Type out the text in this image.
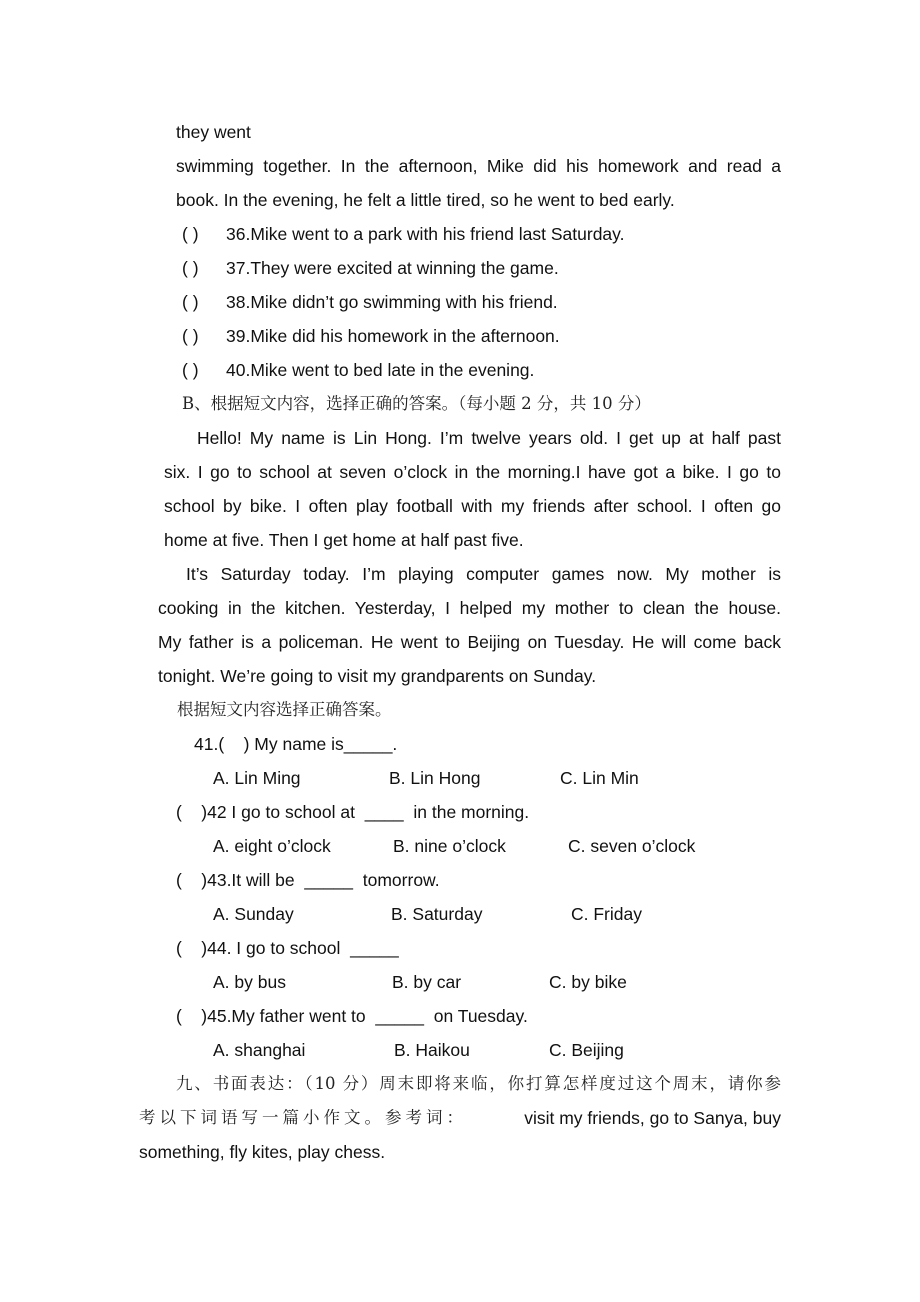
they went
swimming together. In the afternoon, Mike did his homework and read a
book. In the evening, he felt a little tired, so he went to bed early.
( ) 36.Mike went to a park with his friend last Saturday.
( ) 37.They were excited at winning the game.
( ) 38.Mike didn’t go swimming with his friend.
( ) 39.Mike did his homework in the afternoon.
( ) 40.Mike went to bed late in the evening.
B、根据短文内容，选择正确的答案。（每小题 2 分，共 10 分）
Hello! My name is Lin Hong. I’m twelve years old. I get up at half past
six. I go to school at seven o’clock in the morning.I have got a bike. I go to
school by bike. I often play football with my friends after school. I often go
home at five. Then I get home at half past five.
It’s Saturday today. I’m playing computer games now. My mother is
cooking in the kitchen. Yesterday, I helped my mother to clean the house.
My father is a policeman. He went to Beijing on Tuesday. He will come back
tonight. We’re going to visit my grandparents on Sunday.
根据短文内容选择正确答案。
41.(    ) My name is_____.
A. Lin Ming	B. Lin Hong	C. Lin Min
(    )42 I go to school at  ____  in the morning.
A. eight o’clock	B. nine o’clock	C. seven o’clock
(    )43.It will be  _____  tomorrow.
A. Sunday	B. Saturday	C. Friday
(    )44. I go to school  _____
A. by bus	B. by car	C. by bike
(    )45.My father went to  _____  on Tuesday.
A. shanghai	B. Haikou	C. Beijing
九、书面表达：（10 分）周末即将来临，你打算怎样度过这个周末，请你参
考以下词语写一篇小作文。参考词：	visit my friends, go to Sanya, buy
something, fly kites, play chess.
